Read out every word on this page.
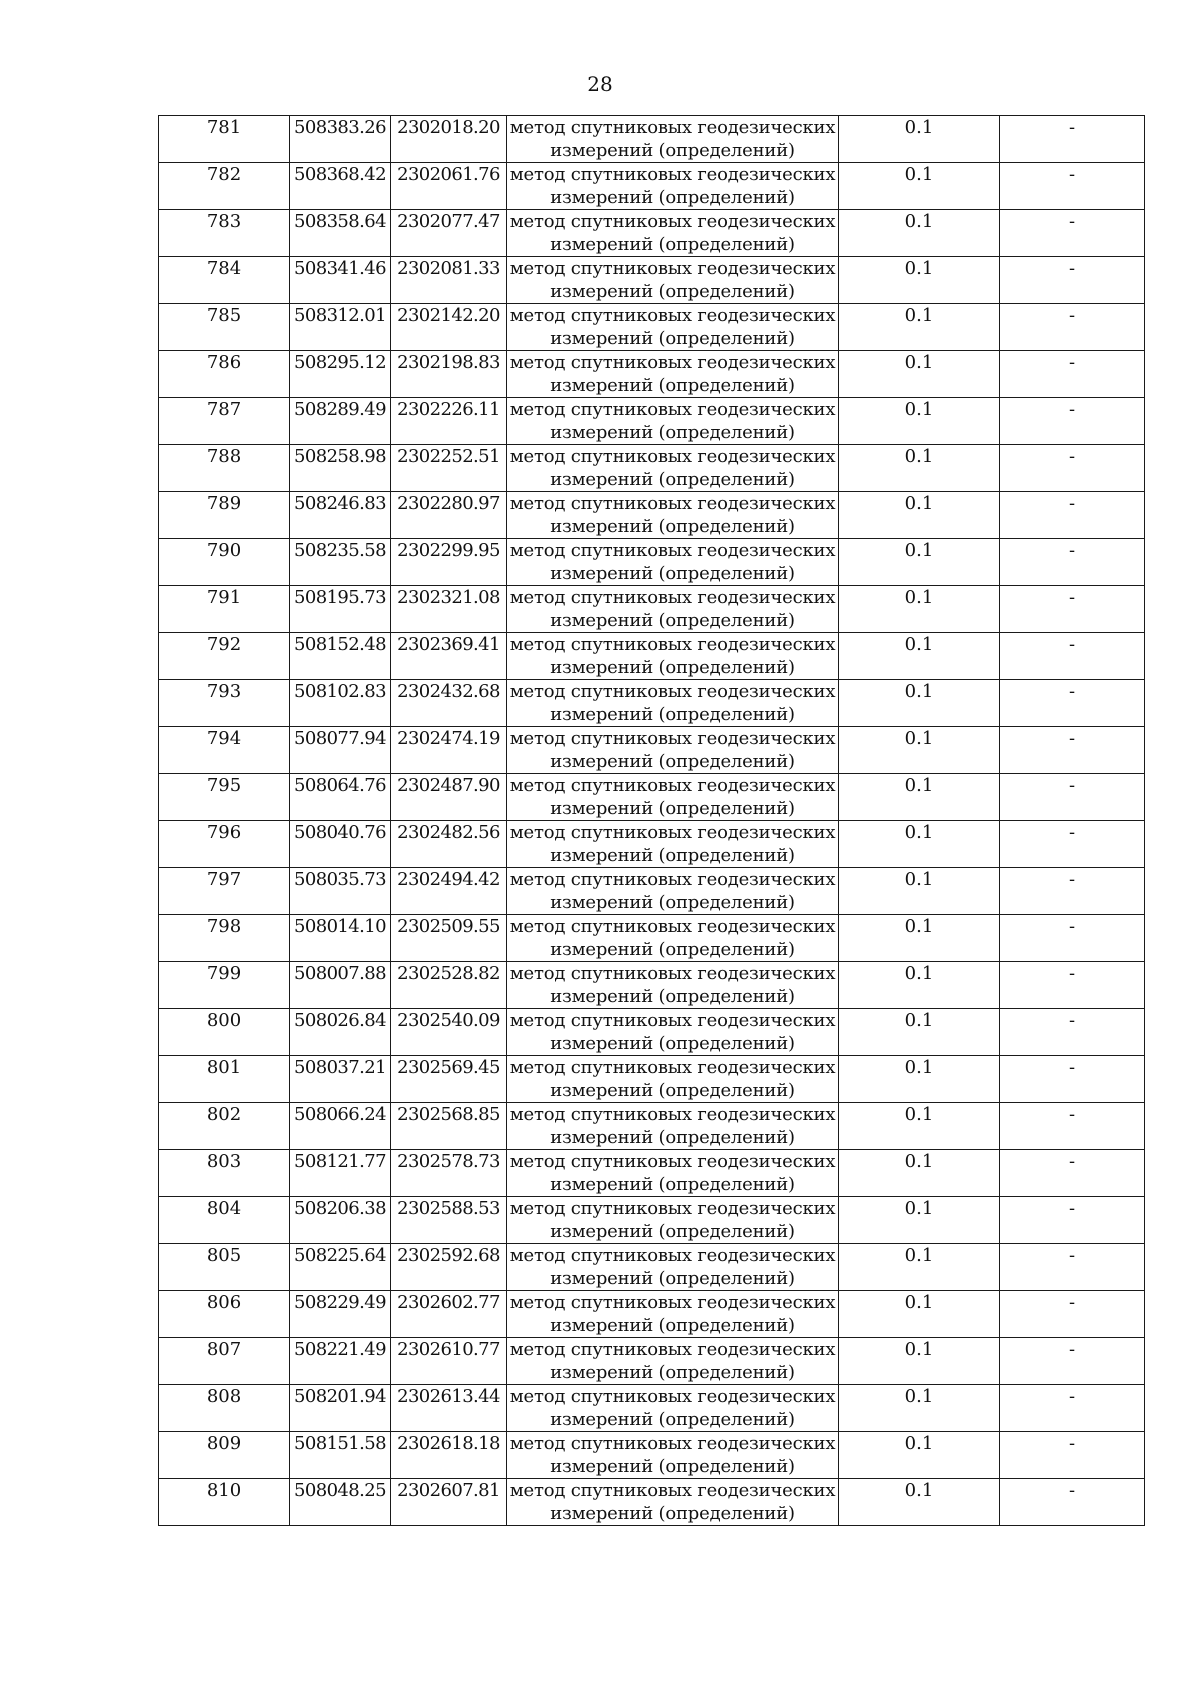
28
781	508383.26	2302018.20	метод спутниковых геодезических измерений (определений)	0.1	-
782	508368.42	2302061.76	метод спутниковых геодезических измерений (определений)	0.1	-
783	508358.64	2302077.47	метод спутниковых геодезических измерений (определений)	0.1	-
784	508341.46	2302081.33	метод спутниковых геодезических измерений (определений)	0.1	-
785	508312.01	2302142.20	метод спутниковых геодезических измерений (определений)	0.1	-
786	508295.12	2302198.83	метод спутниковых геодезических измерений (определений)	0.1	-
787	508289.49	2302226.11	метод спутниковых геодезических измерений (определений)	0.1	-
788	508258.98	2302252.51	метод спутниковых геодезических измерений (определений)	0.1	-
789	508246.83	2302280.97	метод спутниковых геодезических измерений (определений)	0.1	-
790	508235.58	2302299.95	метод спутниковых геодезических измерений (определений)	0.1	-
791	508195.73	2302321.08	метод спутниковых геодезических измерений (определений)	0.1	-
792	508152.48	2302369.41	метод спутниковых геодезических измерений (определений)	0.1	-
793	508102.83	2302432.68	метод спутниковых геодезических измерений (определений)	0.1	-
794	508077.94	2302474.19	метод спутниковых геодезических измерений (определений)	0.1	-
795	508064.76	2302487.90	метод спутниковых геодезических измерений (определений)	0.1	-
796	508040.76	2302482.56	метод спутниковых геодезических измерений (определений)	0.1	-
797	508035.73	2302494.42	метод спутниковых геодезических измерений (определений)	0.1	-
798	508014.10	2302509.55	метод спутниковых геодезических измерений (определений)	0.1	-
799	508007.88	2302528.82	метод спутниковых геодезических измерений (определений)	0.1	-
800	508026.84	2302540.09	метод спутниковых геодезических измерений (определений)	0.1	-
801	508037.21	2302569.45	метод спутниковых геодезических измерений (определений)	0.1	-
802	508066.24	2302568.85	метод спутниковых геодезических измерений (определений)	0.1	-
803	508121.77	2302578.73	метод спутниковых геодезических измерений (определений)	0.1	-
804	508206.38	2302588.53	метод спутниковых геодезических измерений (определений)	0.1	-
805	508225.64	2302592.68	метод спутниковых геодезических измерений (определений)	0.1	-
806	508229.49	2302602.77	метод спутниковых геодезических измерений (определений)	0.1	-
807	508221.49	2302610.77	метод спутниковых геодезических измерений (определений)	0.1	-
808	508201.94	2302613.44	метод спутниковых геодезических измерений (определений)	0.1	-
809	508151.58	2302618.18	метод спутниковых геодезических измерений (определений)	0.1	-
810	508048.25	2302607.81	метод спутниковых геодезических измерений (определений)	0.1	-
